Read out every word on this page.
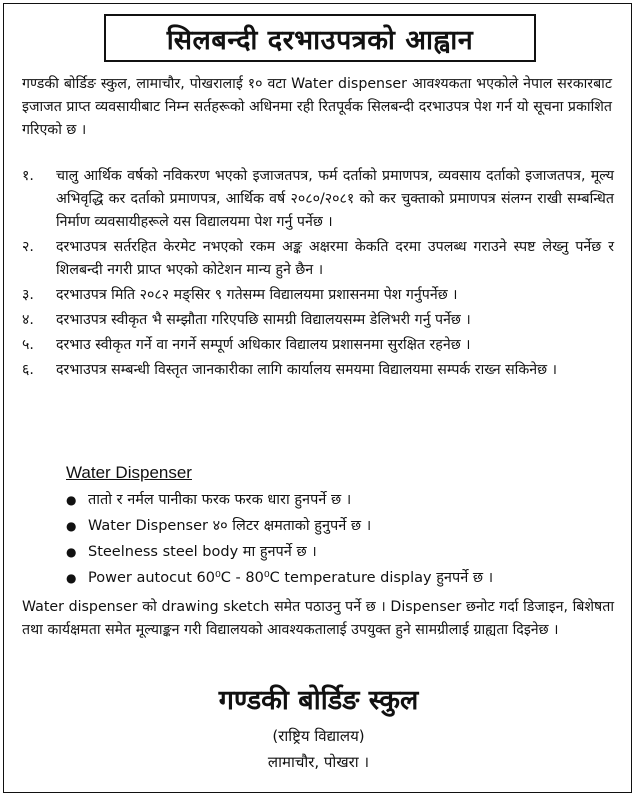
सिलबन्दी दरभाउपत्रको आह्वान

गण्डकी बोर्डिङ स्कुल, लामाचौर, पोखरालाई १० वटा Water dispenser आवश्यकता भएकोले नेपाल सरकारबाट इजाजत प्राप्त व्यवसायीबाट निम्न सर्तहरूको अधिनमा रही रितपूर्वक सिलबन्दी दरभाउपत्र पेश गर्न यो सूचना प्रकाशित गरिएको छ ।

१.	चालु आर्थिक वर्षको नविकरण भएको इजाजतपत्र, फर्म दर्ताको प्रमाणपत्र, व्यवसाय दर्ताको इजाजतपत्र, मूल्य अभिवृद्धि कर दर्ताको प्रमाणपत्र, आर्थिक वर्ष २०८०/२०८१ को कर चुक्ताको प्रमाणपत्र संलग्न राखी सम्बन्धित निर्माण व्यवसायीहरूले यस विद्यालयमा पेश गर्नु पर्नेछ ।
२.	दरभाउपत्र सर्तरहित केरमेट नभएको रकम अङ्क अक्षरमा केकति दरमा उपलब्ध गराउने स्पष्ट लेख्नु पर्नेछ र शिलबन्दी नगरी प्राप्त भएको कोटेशन मान्य हुने छैन ।
३.	दरभाउपत्र मिति २०८२ मङ्सिर ९ गतेसम्म विद्यालयमा प्रशासनमा पेश गर्नुपर्नेछ ।
४.	दरभाउपत्र स्वीकृत भै सम्झौता गरिएपछि सामग्री विद्यालयसम्म डेलिभरी गर्नु पर्नेछ ।
५.	दरभाउ स्वीकृत गर्ने वा नगर्ने सम्पूर्ण अधिकार विद्यालय प्रशासनमा सुरक्षित रहनेछ ।
६.	दरभाउपत्र सम्बन्धी विस्तृत जानकारीका लागि कार्यालय समयमा विद्यालयमा सम्पर्क राख्न सकिनेछ ।
Water Dispenser
● तातो र नर्मल पानीका फरक फरक धारा हुनपर्ने छ ।
● Water Dispenser ४० लिटर क्षमताको हुनुपर्ने छ ।
● Steelness steel body मा हुनपर्ने छ ।
● Power autocut 60⁰C - 80⁰C temperature display हुनपर्ने छ ।

Water dispenser को drawing sketch समेत पठाउनु पर्ने छ । Dispenser छनोट गर्दा डिजाइन, बिशेषता तथा कार्यक्षमता समेत मूल्याङ्कन गरी विद्यालयको आवश्यकतालाई उपयुक्त हुने सामग्रीलाई ग्राह्यता दिइनेछ ।

गण्डकी बोर्डिङ स्कुल
(राष्ट्रिय विद्यालय)
लामाचौर, पोखरा ।
